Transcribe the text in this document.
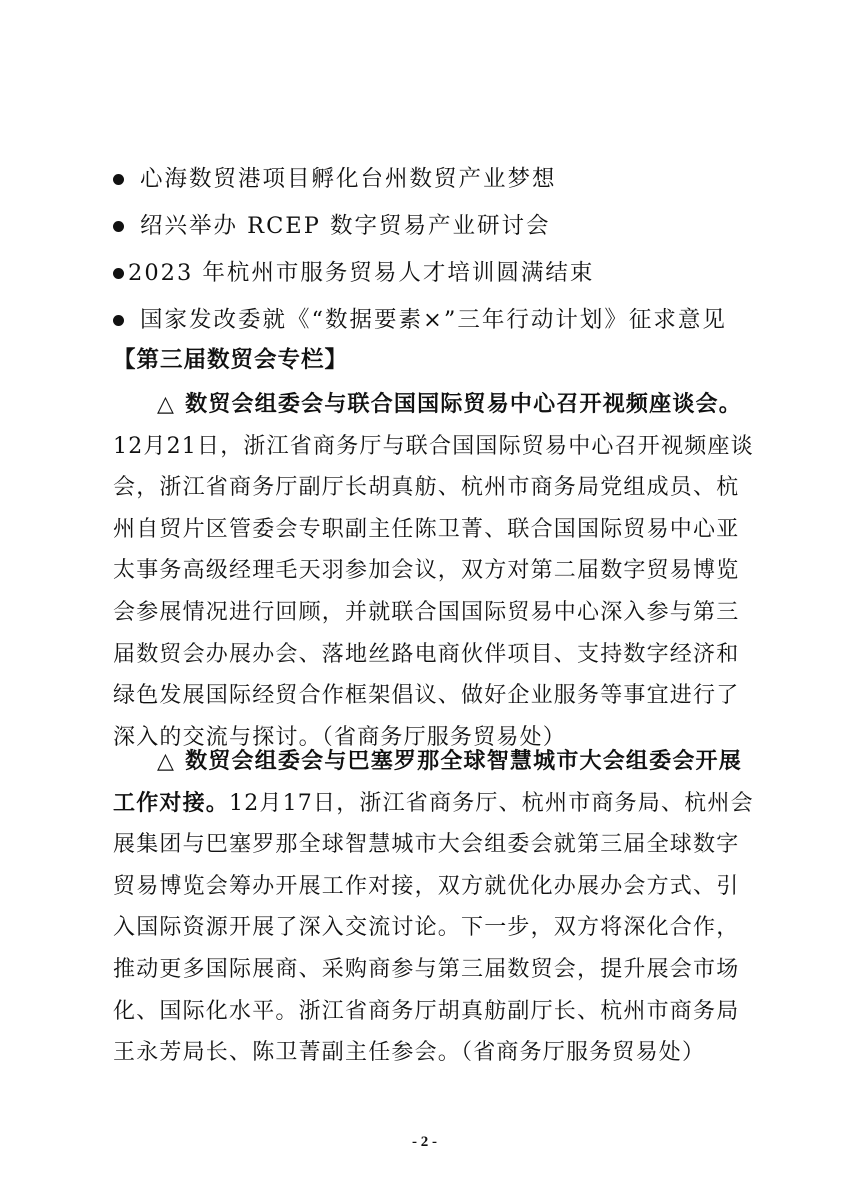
心海数贸港项目孵化台州数贸产业梦想
绍兴举办 RCEP 数字贸易产业研讨会
2023 年杭州市服务贸易人才培训圆满结束
国家发改委就《“数据要素×”三年行动计划》征求意见
【第三届数贸会专栏】
△ 数贸会组委会与联合国国际贸易中心召开视频座谈会。
12月21日，浙江省商务厅与联合国国际贸易中心召开视频座谈
会，浙江省商务厅副厅长胡真舫、杭州市商务局党组成员、杭
州自贸片区管委会专职副主任陈卫菁、联合国国际贸易中心亚
太事务高级经理毛天羽参加会议，双方对第二届数字贸易博览
会参展情况进行回顾，并就联合国国际贸易中心深入参与第三
届数贸会办展办会、落地丝路电商伙伴项目、支持数字经济和
绿色发展国际经贸合作框架倡议、做好企业服务等事宜进行了
深入的交流与探讨。（省商务厅服务贸易处）
△ 数贸会组委会与巴塞罗那全球智慧城市大会组委会开展
工作对接。12月17日，浙江省商务厅、杭州市商务局、杭州会
展集团与巴塞罗那全球智慧城市大会组委会就第三届全球数字
贸易博览会筹办开展工作对接，双方就优化办展办会方式、引
入国际资源开展了深入交流讨论。下一步，双方将深化合作，
推动更多国际展商、采购商参与第三届数贸会，提升展会市场
化、国际化水平。浙江省商务厅胡真舫副厅长、杭州市商务局
王永芳局长、陈卫菁副主任参会。（省商务厅服务贸易处）
- 2 -
